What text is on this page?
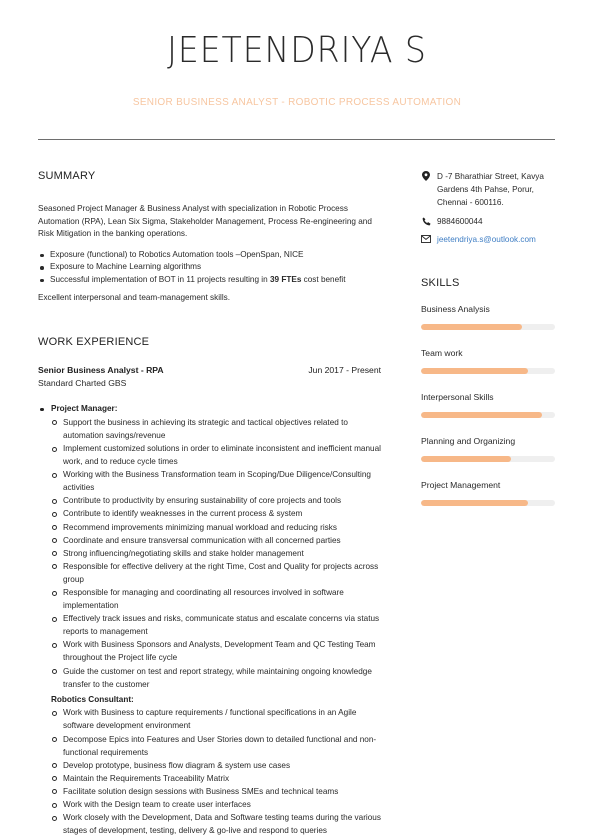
JEETENDRIYA S
SENIOR BUSINESS ANALYST - ROBOTIC PROCESS AUTOMATION
SUMMARY
Seasoned Project Manager & Business Analyst with specialization in Robotic Process Automation (RPA), Lean Six Sigma, Stakeholder Management, Process Re-engineering and Risk Mitigation in the banking operations.
Exposure (functional) to Robotics Automation tools –OpenSpan, NICE
Exposure to Machine Learning algorithms
Successful implementation of BOT in 11 projects resulting in 39 FTEs cost benefit
Excellent interpersonal and team-management skills.
WORK EXPERIENCE
Senior Business Analyst - RPA	Jun 2017 - Present
Standard Charted GBS
Project Manager:
Support the business in achieving its strategic and tactical objectives related to automation savings/revenue
Implement customized solutions in order to eliminate inconsistent and inefficient manual work, and to reduce cycle times
Working with the Business Transformation team in Scoping/Due Diligence/Consulting activities
Contribute to productivity by ensuring sustainability of core projects and tools
Contribute to identify weaknesses in the current process & system
Recommend improvements minimizing manual workload and reducing risks
Coordinate and ensure transversal communication with all concerned parties
Strong influencing/negotiating skills and stake holder management
Responsible for effective delivery at the right Time, Cost and Quality for projects across group
Responsible for managing and coordinating all resources involved in software implementation
Effectively track issues and risks, communicate status and escalate concerns via status reports to management
Work with Business Sponsors and Analysts, Development Team and QC Testing Team throughout the Project life cycle
Guide the customer on test and report strategy, while maintaining ongoing knowledge transfer to the customer
Robotics Consultant:
Work with Business to capture requirements / functional specifications in an Agile software development environment
Decompose Epics into Features and User Stories down to detailed functional and non-functional requirements
Develop prototype, business flow diagram & system use cases
Maintain the Requirements Traceability Matrix
Facilitate solution design sessions with Business SMEs and technical teams
Work with the Design team to create user interfaces
Work closely with the Development, Data and Software testing teams during the various stages of development, testing, delivery & go-live and respond to queries
D -7 Bharathiar Street, Kavya Gardens 4th Pahse, Porur, Chennai - 600116.
9884600044
jeetendriya.s@outlook.com
SKILLS
Business Analysis
Team work
Interpersonal Skills
Planning and Organizing
Project Management
